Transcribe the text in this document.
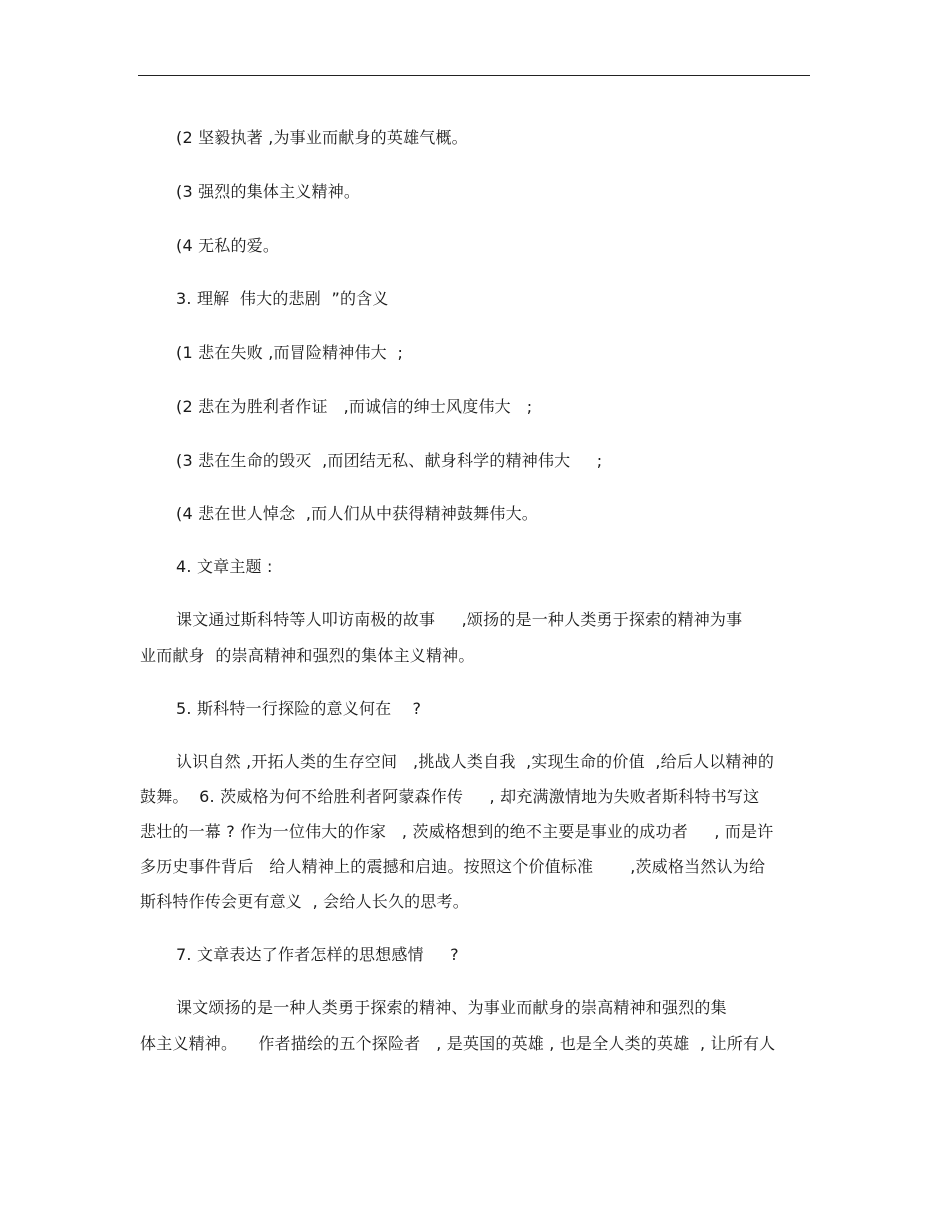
(2 坚毅执著 ,为事业而献身的英雄气概。
(3 强烈的集体主义精神。
(4 无私的爱。
3. 理解  伟大的悲剧  ”的含义
(1 悲在失败 ,而冒险精神伟大  ;
(2 悲在为胜利者作证   ,而诚信的绅士风度伟大   ;
(3 悲在生命的毁灭  ,而团结无私、献身科学的精神伟大     ;
(4 悲在世人悼念  ,而人们从中获得精神鼓舞伟大。
4. 文章主题 :
课文通过斯科特等人叩访南极的故事     ,颂扬的是一种人类勇于探索的精神为事
业而献身  的崇高精神和强烈的集体主义精神。
5. 斯科特一行探险的意义何在    ?
认识自然 ,开拓人类的生存空间   ,挑战人类自我  ,实现生命的价值  ,给后人以精神的
鼓舞。  6. 茨威格为何不给胜利者阿蒙森作传     , 却充满激情地为失败者斯科特书写这
悲壮的一幕 ? 作为一位伟大的作家   , 茨威格想到的绝不主要是事业的成功者     , 而是许
多历史事件背后   给人精神上的震撼和启迪。按照这个价值标准       ,茨威格当然认为给
斯科特作传会更有意义  , 会给人长久的思考。
7. 文章表达了作者怎样的思想感情     ?
课文颂扬的是一种人类勇于探索的精神、为事业而献身的崇高精神和强烈的集
体主义精神。    作者描绘的五个探险者   , 是英国的英雄 , 也是全人类的英雄  , 让所有人
